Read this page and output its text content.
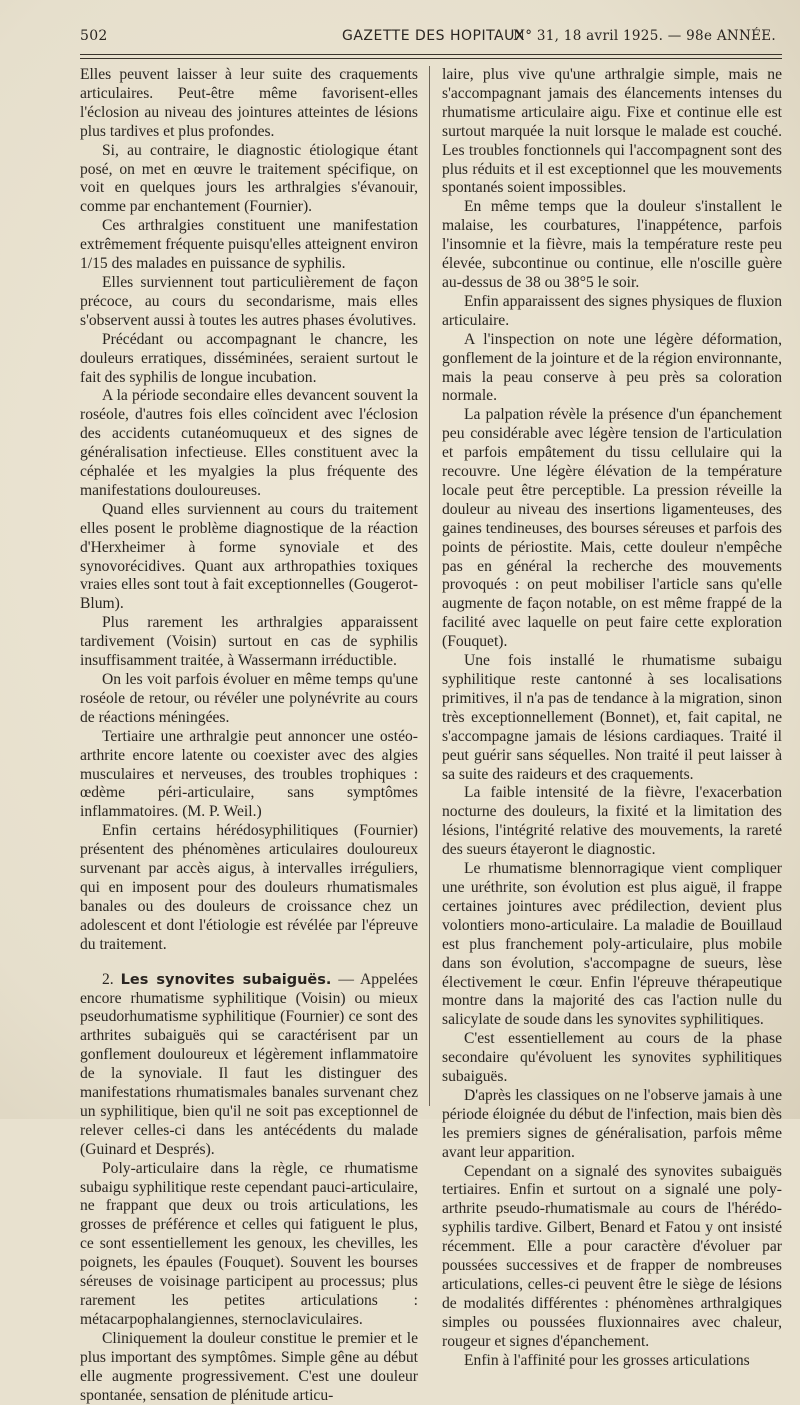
502	GAZETTE DES HOPITAUX
N° 31, 18 avril 1925. — 98e ANNÉE.

Elles peuvent laisser à leur suite des craquements articulaires. Peut-être même favorisent-elles l'éclosion au niveau des jointures atteintes de lésions plus tardives et plus profondes.

Si, au contraire, le diagnostic étiologique étant posé, on met en œuvre le traitement spécifique, on voit en quelques jours les arthralgies s'évanouir, comme par enchantement (Fournier).

Ces arthralgies constituent une manifestation extrêmement fréquente puisqu'elles atteignent environ 1/15 des malades en puissance de syphilis.

Elles surviennent tout particulièrement de façon précoce, au cours du secondarisme, mais elles s'observent aussi à toutes les autres phases évolutives.

Précédant ou accompagnant le chancre, les douleurs erratiques, disséminées, seraient surtout le fait des syphilis de longue incubation.

A la période secondaire elles devancent souvent la roséole, d'autres fois elles coïncident avec l'éclosion des accidents cutanéomuqueux et des signes de généralisation infectieuse. Elles constituent avec la céphalée et les myalgies la plus fréquente des manifestations douloureuses.

Quand elles surviennent au cours du traitement elles posent le problème diagnostique de la réaction d'Herxheimer à forme synoviale et des synovorécidives. Quant aux arthropathies toxiques vraies elles sont tout à fait exceptionnelles (Gougerot-Blum).

Plus rarement les arthralgies apparaissent tardivement (Voisin) surtout en cas de syphilis insuffisamment traitée, à Wassermann irréductible.

On les voit parfois évoluer en même temps qu'une roséole de retour, ou révéler une polynévrite au cours de réactions méningées.

Tertiaire une arthralgie peut annoncer une ostéo-arthrite encore latente ou coexister avec des algies musculaires et nerveuses, des troubles trophiques : œdème péri-articulaire, sans symptômes inflammatoires. (M. P. Weil.)

Enfin certains hérédosyphilitiques (Fournier) présentent des phénomènes articulaires douloureux survenant par accès aigus, à intervalles irréguliers, qui en imposent pour des douleurs rhumatismales banales ou des douleurs de croissance chez un adolescent et dont l'étiologie est révélée par l'épreuve du traitement.

2. Les synovites subaiguës. — Appelées encore rhumatisme syphilitique (Voisin) ou mieux pseudorhumatisme syphilitique (Fournier) ce sont des arthrites subaiguës qui se caractérisent par un gonflement douloureux et légèrement inflammatoire de la synoviale. Il faut les distinguer des manifestations rhumatismales banales survenant chez un syphilitique, bien qu'il ne soit pas exceptionnel de relever celles-ci dans les antécédents du malade (Guinard et Després).

Poly-articulaire dans la règle, ce rhumatisme subaigu syphilitique reste cependant pauci-articulaire, ne frappant que deux ou trois articulations, les grosses de préférence et celles qui fatiguent le plus, ce sont essentiellement les genoux, les chevilles, les poignets, les épaules (Fouquet). Souvent les bourses séreuses de voisinage participent au processus; plus rarement les petites articulations : métacarpophalangiennes, sternoclaviculaires.

Cliniquement la douleur constitue le premier et le plus important des symptômes. Simple gêne au début elle augmente progressivement. C'est une douleur spontanée, sensation de plénitude articu-

laire, plus vive qu'une arthralgie simple, mais ne s'accompagnant jamais des élancements intenses du rhumatisme articulaire aigu. Fixe et continue elle est surtout marquée la nuit lorsque le malade est couché. Les troubles fonctionnels qui l'accompagnent sont des plus réduits et il est exceptionnel que les mouvements spontanés soient impossibles.

En même temps que la douleur s'installent le malaise, les courbatures, l'inappétence, parfois l'insomnie et la fièvre, mais la température reste peu élevée, subcontinue ou continue, elle n'oscille guère au-dessus de 38 ou 38°5 le soir.

Enfin apparaissent des signes physiques de fluxion articulaire.

A l'inspection on note une légère déformation, gonflement de la jointure et de la région environnante, mais la peau conserve à peu près sa coloration normale.

La palpation révèle la présence d'un épanchement peu considérable avec légère tension de l'articulation et parfois empâtement du tissu cellulaire qui la recouvre. Une légère élévation de la température locale peut être perceptible. La pression réveille la douleur au niveau des insertions ligamenteuses, des gaines tendineuses, des bourses séreuses et parfois des points de périostite. Mais, cette douleur n'empêche pas en général la recherche des mouvements provoqués : on peut mobiliser l'article sans qu'elle augmente de façon notable, on est même frappé de la facilité avec laquelle on peut faire cette exploration (Fouquet).

Une fois installé le rhumatisme subaigu syphilitique reste cantonné à ses localisations primitives, il n'a pas de tendance à la migration, sinon très exceptionnellement (Bonnet), et, fait capital, ne s'accompagne jamais de lésions cardiaques. Traité il peut guérir sans séquelles. Non traité il peut laisser à sa suite des raideurs et des craquements.

La faible intensité de la fièvre, l'exacerbation nocturne des douleurs, la fixité et la limitation des lésions, l'intégrité relative des mouvements, la rareté des sueurs étayeront le diagnostic.

Le rhumatisme blennorragique vient compliquer une uréthrite, son évolution est plus aiguë, il frappe certaines jointures avec prédilection, devient plus volontiers mono-articulaire. La maladie de Bouillaud est plus franchement poly-articulaire, plus mobile dans son évolution, s'accompagne de sueurs, lèse électivement le cœur. Enfin l'épreuve thérapeutique montre dans la majorité des cas l'action nulle du salicylate de soude dans les synovites syphilitiques.

C'est essentiellement au cours de la phase secondaire qu'évoluent les synovites syphilitiques subaiguës.

D'après les classiques on ne l'observe jamais à une période éloignée du début de l'infection, mais bien dès les premiers signes de généralisation, parfois même avant leur apparition.

Cependant on a signalé des synovites subaiguës tertiaires. Enfin et surtout on a signalé une poly-arthrite pseudo-rhumatismale au cours de l'hérédo-syphilis tardive. Gilbert, Benard et Fatou y ont insisté récemment. Elle a pour caractère d'évoluer par poussées successives et de frapper de nombreuses articulations, celles-ci peuvent être le siège de lésions de modalités différentes : phénomènes arthralgiques simples ou poussées fluxionnaires avec chaleur, rougeur et signes d'épanchement.

Enfin à l'affinité pour les grosses articulations
